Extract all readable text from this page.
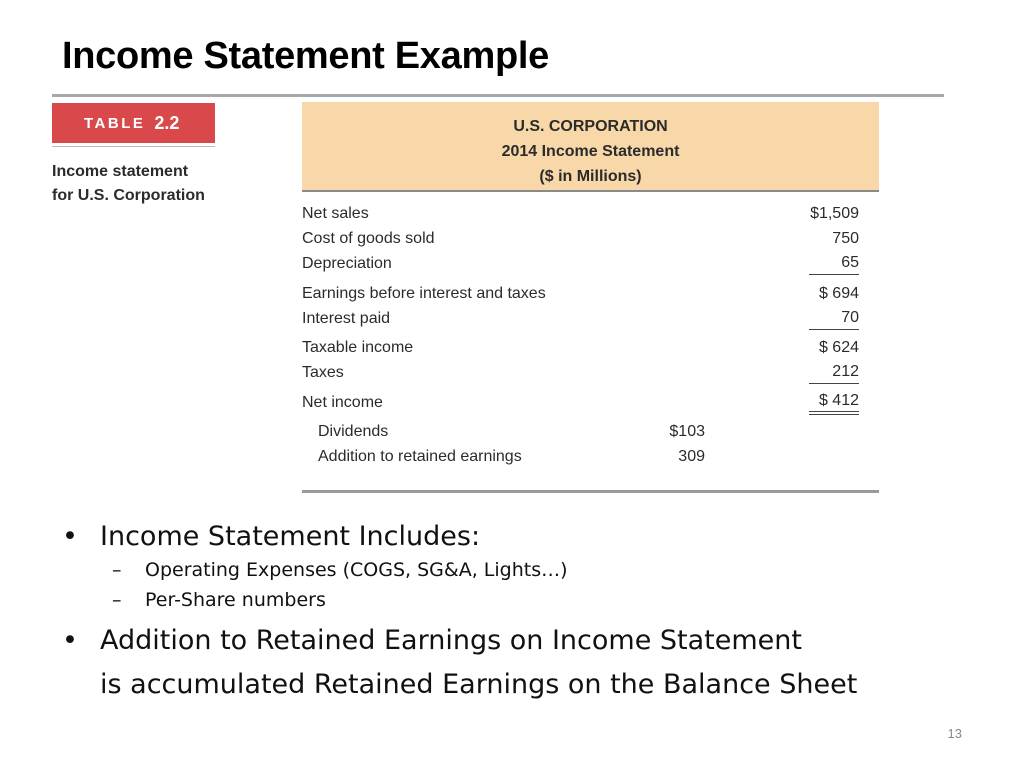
Income Statement Example
TABLE 2.2
Income statement
for U.S. Corporation
U.S. CORPORATION
2014 Income Statement
($ in Millions)
Net sales	$1,509
Cost of goods sold	750
Depreciation	65
Earnings before interest and taxes	$ 694
Interest paid	70
Taxable income	$ 624
Taxes	212
Net income	$ 412
Dividends	$103
Addition to retained earnings	309
• Income Statement Includes:
– Operating Expenses (COGS, SG&A, Lights…)
– Per-Share numbers
• Addition to Retained Earnings on Income Statement
is accumulated Retained Earnings on the Balance Sheet
13
